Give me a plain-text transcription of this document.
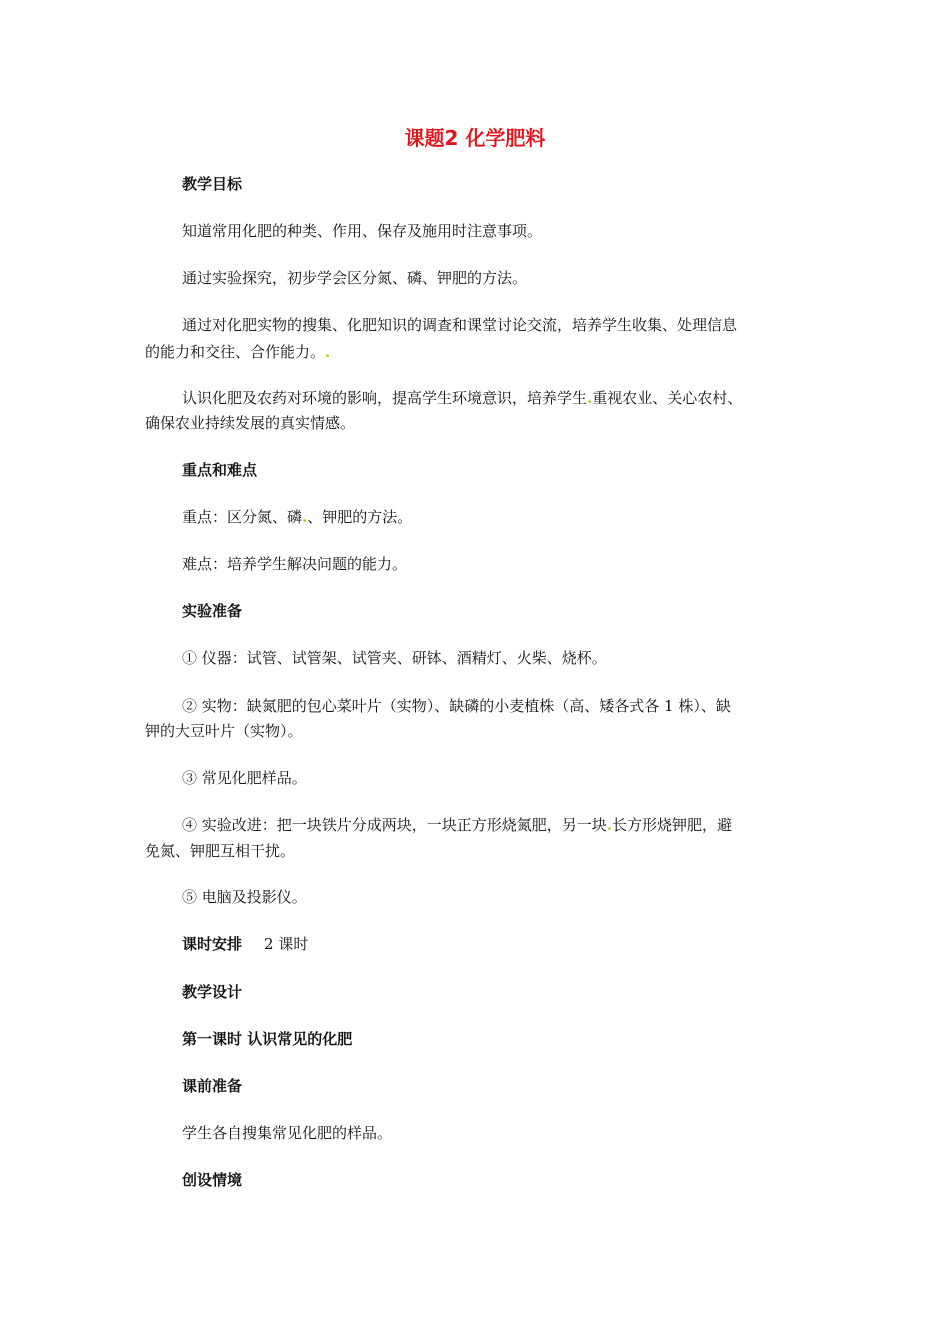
课题2 化学肥料
教学目标
知道常用化肥的种类、作用、保存及施用时注意事项。
通过实验探究，初步学会区分氮、磷、钾肥的方法。
通过对化肥实物的搜集、化肥知识的调查和课堂讨论交流，培养学生收集、处理信息
的能力和交往、合作能力。.
认识化肥及农药对环境的影响，提高学生环境意识，培养学生.重视农业、关心农村、
确保农业持续发展的真实情感。
重点和难点
重点：区分氮、磷.、钾肥的方法。
难点：培养学生解决问题的能力。
实验准备
① 仪器：试管、试管架、试管夹、研钵、酒精灯、火柴、烧杯。
② 实物：缺氮肥的包心菜叶片（实物）、缺磷的小麦植株（高、矮各式各 1 株）、缺
钾的大豆叶片（实物）。
③ 常见化肥样品。
④ 实验改进：把一块铁片分成两块，一块正方形烧氮肥，另一块.长方形烧钾肥，避
免氮、钾肥互相干扰。
⑤ 电脑及投影仪。
课时安排 2 课时
教学设计
第一课时 认识常见的化肥
课前准备
学生各自搜集常见化肥的样品。
创设情境
